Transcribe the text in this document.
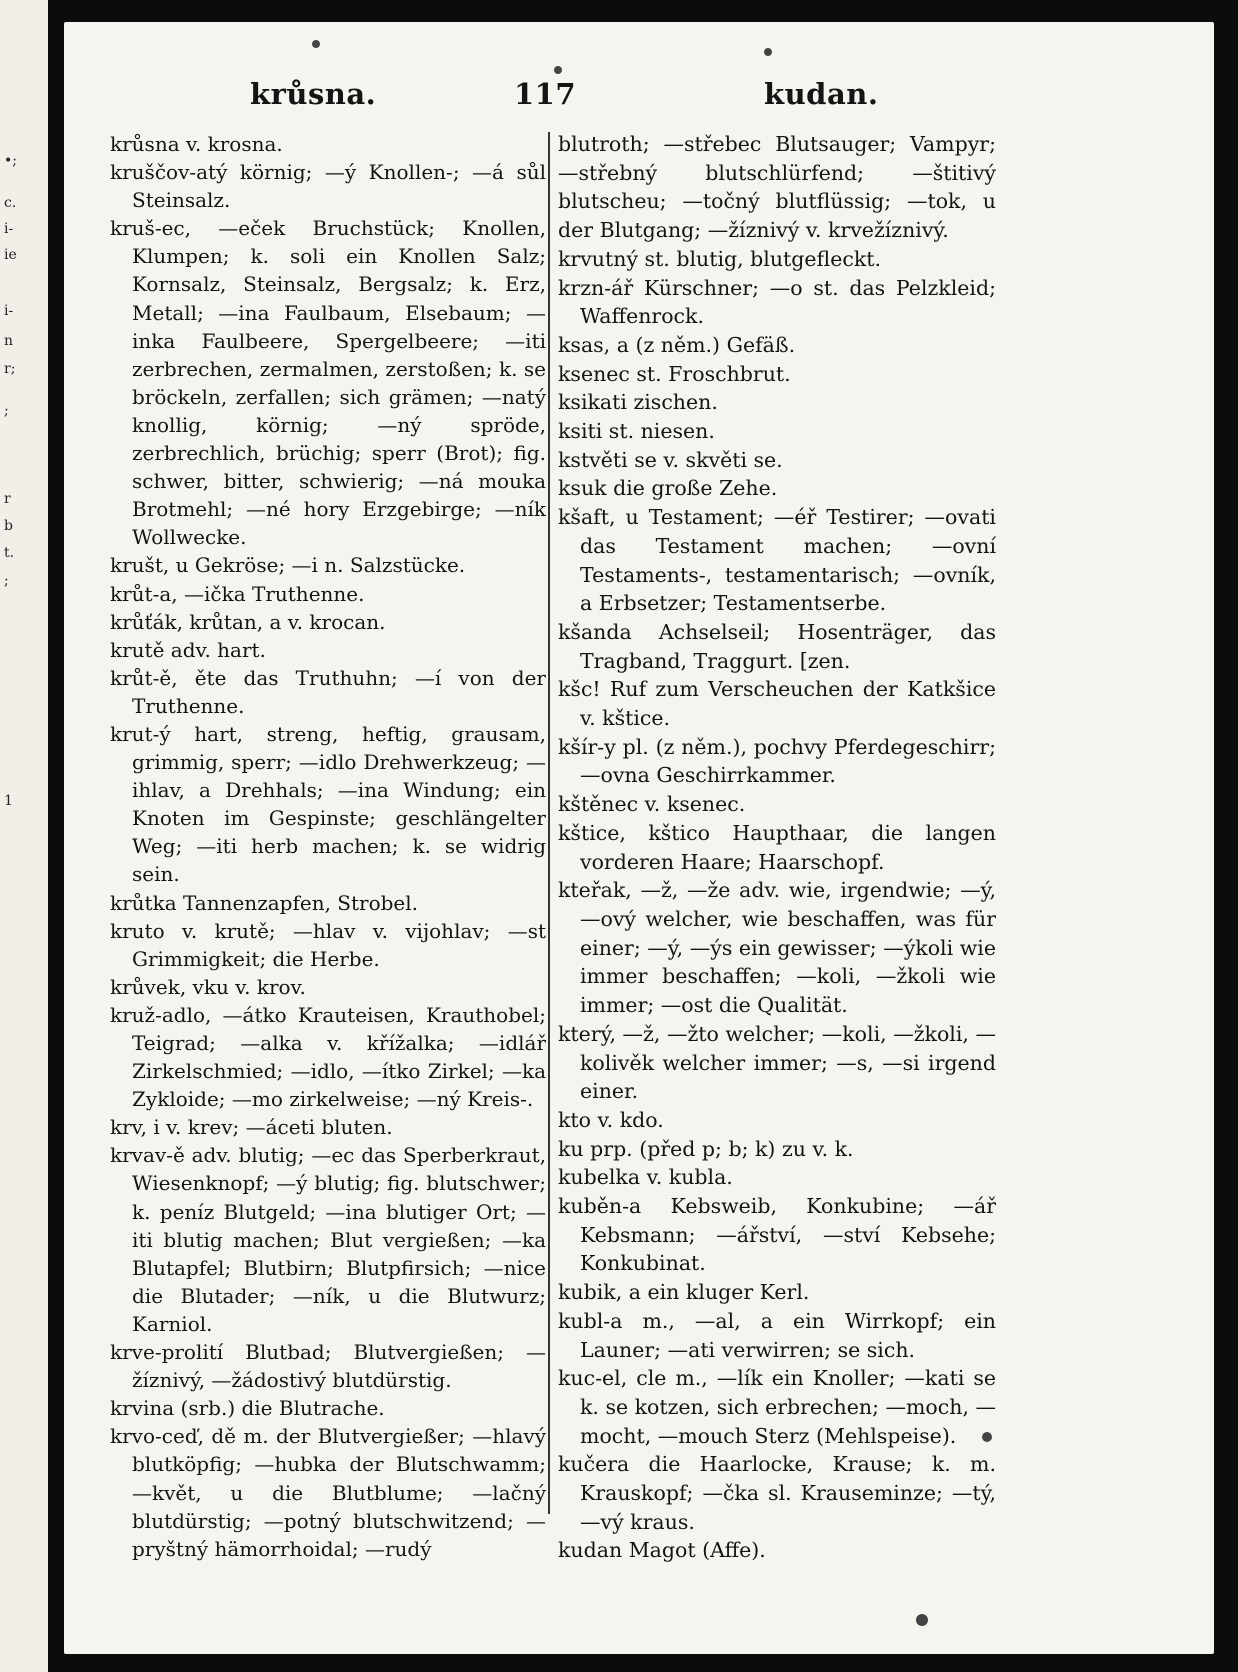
•;
c.
i-
ie
i-
n
r;
;
r
b
t.
;
1
krůsna.	117	kudan.

krůsna v. krosna.

kruščov-atý körnig; —ý Knollen-; —á sůl Steinsalz.

kruš-ec, —eček Bruchstück; Knollen, Klumpen; k. soli ein Knollen Salz; Kornsalz, Steinsalz, Bergsalz; k. Erz, Metall; —ina Faulbaum, Elsebaum; —inka Faulbeere, Spergelbeere; —iti zerbrechen, zermalmen, zerstoßen; k. se bröckeln, zerfallen; sich grämen; —natý knollig, körnig; —ný spröde, zerbrechlich, brüchig; sperr (Brot); fig. schwer, bitter, schwierig; —ná mouka Brotmehl; —né hory Erzgebirge; —ník Wollwecke.

krušt, u Gekröse; —i n. Salzstücke.

krůt-a, —ička Truthenne.

krůťák, krůtan, a v. krocan.

krutě adv. hart.

krůt-ě, ěte das Truthuhn; —í von der Truthenne.

krut-ý hart, streng, heftig, grausam, grimmig, sperr; —idlo Drehwerkzeug; —ihlav, a Drehhals; —ina Windung; ein Knoten im Gespinste; geschlängelter Weg; —iti herb machen; k. se widrig sein.

krůtka Tannenzapfen, Strobel.

kruto v. krutě; —hlav v. vijohlav; —st Grimmigkeit; die Herbe.

krůvek, vku v. krov.

kruž-adlo, —átko Krauteisen, Krauthobel; Teigrad; —alka v. křížalka; —idlář Zirkelschmied; —idlo, —ítko Zirkel; —ka Zykloide; —mo zirkelweise; —ný Kreis-.

krv, i v. krev; —áceti bluten.

krvav-ě adv. blutig; —ec das Sperberkraut, Wiesenknopf; —ý blutig; fig. blutschwer; k. peníz Blutgeld; —ina blutiger Ort; —iti blutig machen; Blut vergießen; —ka Blutapfel; Blutbirn; Blutpfirsich; —nice die Blutader; —ník, u die Blutwurz; Karniol.

krve-prolití Blutbad; Blutvergießen; —žíznivý, —žádostivý blutdürstig.

krvina (srb.) die Blutrache.

krvo-ceď, dě m. der Blutvergießer; —hlavý blutköpfig; —hubka der Blutschwamm; —květ, u die Blutblume; —lačný blutdürstig; —potný blutschwitzend; —pryštný hämorrhoidal; —rudý

blutroth; —střebec Blutsauger; Vampyr; —střebný blutschlürfend; —štitivý blutscheu; —točný blutflüssig; —tok, u der Blutgang; —žíznivý v. krvežíznivý.

krvutný st. blutig, blutgefleckt.

krzn-ář Kürschner; —o st. das Pelzkleid; Waffenrock.

ksas, a (z něm.) Gefäß.

ksenec st. Froschbrut.

ksikati zischen.

ksiti st. niesen.

kstvěti se v. skvěti se.

ksuk die große Zehe.

kšaft, u Testament; —éř Testirer; —ovati das Testament machen; —ovní Testaments-, testamentarisch; —ovník, a Erbsetzer; Testamentserbe.

kšanda Achselseil; Hosenträger, das Tragband, Traggurt. [zen.

kšc! Ruf zum Verscheuchen der Katkšice v. kštice.

kšír-y pl. (z něm.), pochvy Pferdegeschirr; —ovna Geschirrkammer.

kštěnec v. ksenec.

kštice, kštico Haupthaar, die langen vorderen Haare; Haarschopf.

kteřak, —ž, —že adv. wie, irgendwie; —ý, —ový welcher, wie beschaffen, was für einer; —ý, —ýs ein gewisser; —ýkoli wie immer beschaffen; —koli, —žkoli wie immer; —ost die Qualität.

který, —ž, —žto welcher; —koli, —žkoli, —kolivěk welcher immer; —s, —si irgend einer.

kto v. kdo.

ku prp. (před p; b; k) zu v. k.

kubelka v. kubla.

kuběn-a Kebsweib, Konkubine; —ář Kebsmann; —ářství, —ství Kebsehe; Konkubinat.

kubik, a ein kluger Kerl.

kubl-a m., —al, a ein Wirrkopf; ein Launer; —ati verwirren; se sich.

kuc-el, cle m., —lík ein Knoller; —kati se k. se kotzen, sich erbrechen; —moch, —mocht, —mouch Sterz (Mehlspeise).

kučera die Haarlocke, Krause; k. m. Krauskopf; —čka sl. Krauseminze; —tý, —vý kraus.

kudan Magot (Affe).
